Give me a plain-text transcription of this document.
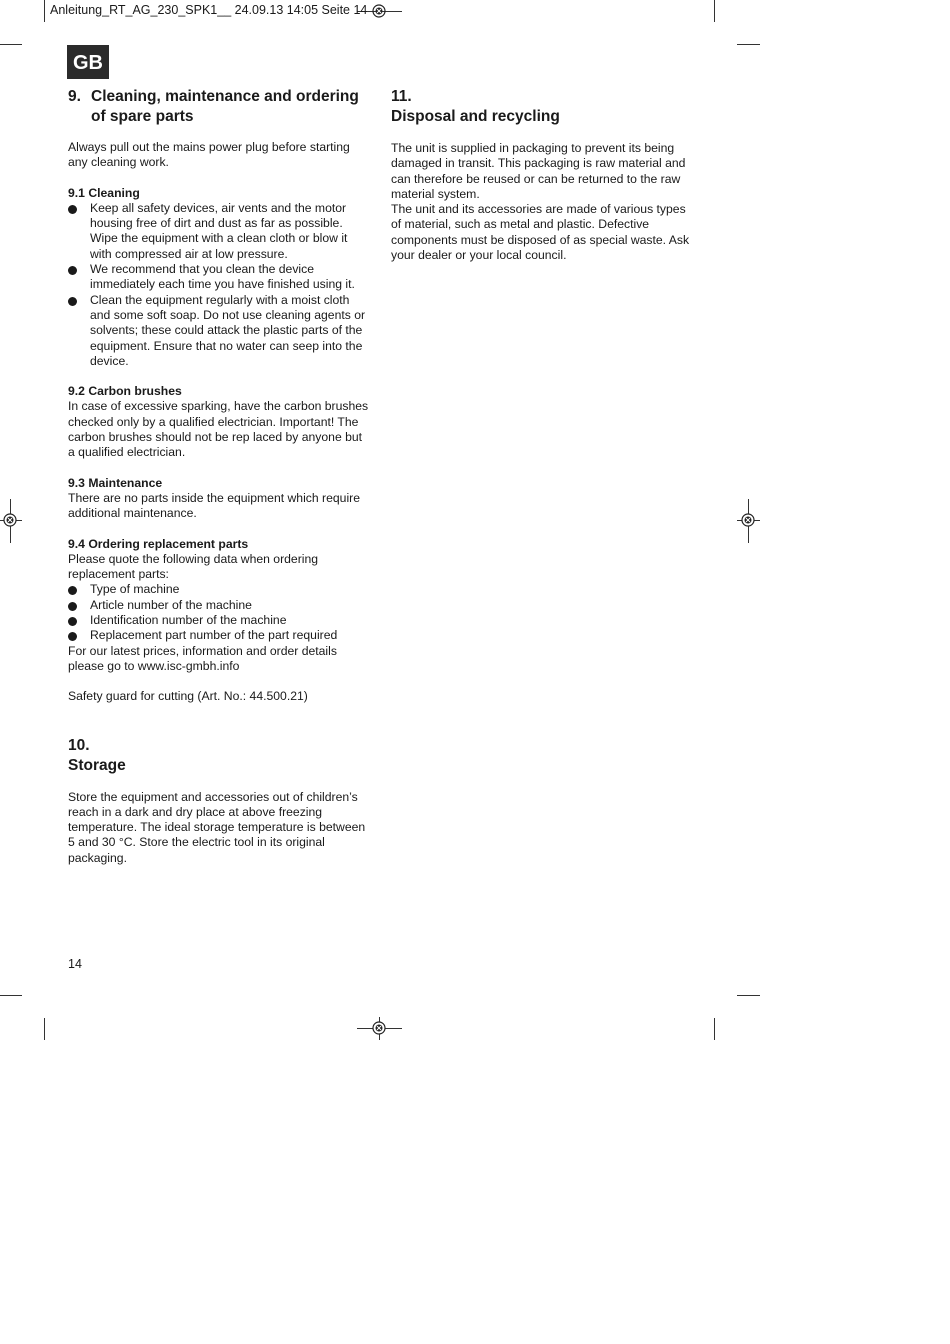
Anleitung_RT_AG_230_SPK1__ 24.09.13 14:05 Seite 14
GB
9. Cleaning, maintenance and ordering of spare parts

Always pull out the mains power plug before starting any cleaning work.

9.1 Cleaning
Keep all safety devices, air vents and the motor housing free of dirt and dust as far as possible. Wipe the equipment with a clean cloth or blow it with compressed air at low pressure.
We recommend that you clean the device immediately each time you have finished using it.
Clean the equipment regularly with a moist cloth and some soft soap. Do not use cleaning agents or solvents; these could attack the plastic parts of the equipment. Ensure that no water can seep into the device.
9.2 Carbon brushes

In case of excessive sparking, have the carbon brushes checked only by a qualified electrician. Important! The carbon brushes should not be rep laced by anyone but a qualified electrician.

9.3 Maintenance

There are no parts inside the equipment which require additional maintenance.

9.4 Ordering replacement parts

Please quote the following data when ordering replacement parts:

Type of machine
Article number of the machine
Identification number of the machine
Replacement part number of the part required

For our latest prices, information and order details please go to www.isc-gmbh.info

Safety guard for cutting (Art. No.: 44.500.21)

10.Storage

Store the equipment and accessories out of children’s reach in a dark and dry place at above freezing temperature. The ideal storage temperature is between 5 and 30 °C. Store the electric tool in its original packaging.

11.Disposal and recycling

The unit is supplied in packaging to prevent its being damaged in transit. This packaging is raw material and can therefore be reused or can be returned to the raw material system.

The unit and its accessories are made of various types of material, such as metal and plastic. Defective components must be disposed of as special waste. Ask your dealer or your local council.

14
